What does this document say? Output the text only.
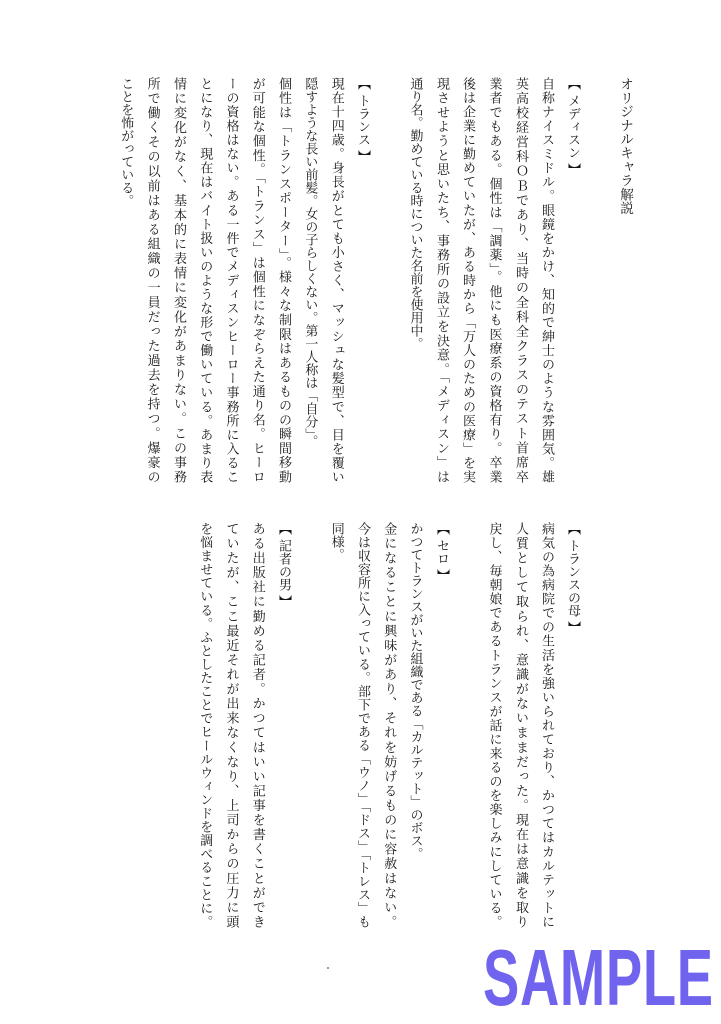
オリジナルキャラ解説
【 メディスン 】
自称ナイスミドル。眼鏡をかけ、知的で紳士のような雰囲気。雄
英高校経営科ＯＢであり、当時の全科全クラスのテスト首席卒
業者でもある。個性は「調薬」。他にも医療系の資格有り。卒業
後は企業に勤めていたが、ある時から「万人のための医療」を実
現させようと思いたち、事務所の設立を決意。「メディスン」は
通り名。勤めている時についた名前を使用中。
【 トランス 】
現在十四歳。身長がとても小さく、マッシュな髪型で、目を覆い
隠すような長い前髪。女の子らしくない。第一人称は「自分」。
個性は「トランスポーター」。様々な制限はあるものの瞬間移動
が可能な個性。「トランス」は個性になぞらえた通り名。ヒーロ
ーの資格はない。ある一件でメディスンヒーロー事務所に入るこ
とになり、現在はバイト扱いのような形で働いている。あまり表
情に変化がなく、基本的に表情に変化があまりない。この事務
所で働くその以前はある組織の一員だった過去を持つ。爆豪の
ことを怖がっている。
【 トランスの母 】
病気の為病院での生活を強いられており、かつてはカルテットに
人質として取られ、意識がないままだった。現在は意識を取り
戻し、毎朝娘であるトランスが話に来るのを楽しみにしている。
【 セロ 】
かつてトランスがいた組織である「カルテット」のボス。
金になることに興味があり、それを妨げるものに容赦はない。
今は収容所に入っている。部下である「ウノ」「ドス」「トレス」も
同様。
【 記者の男 】
ある出版社に勤める記者。かつてはいい記事を書くことができ
ていたが、ここ最近それが出来なくなり、上司からの圧力に頭
を悩ませている。ふとしたことでヒールウィンドを調べることに。
SAMPLE
